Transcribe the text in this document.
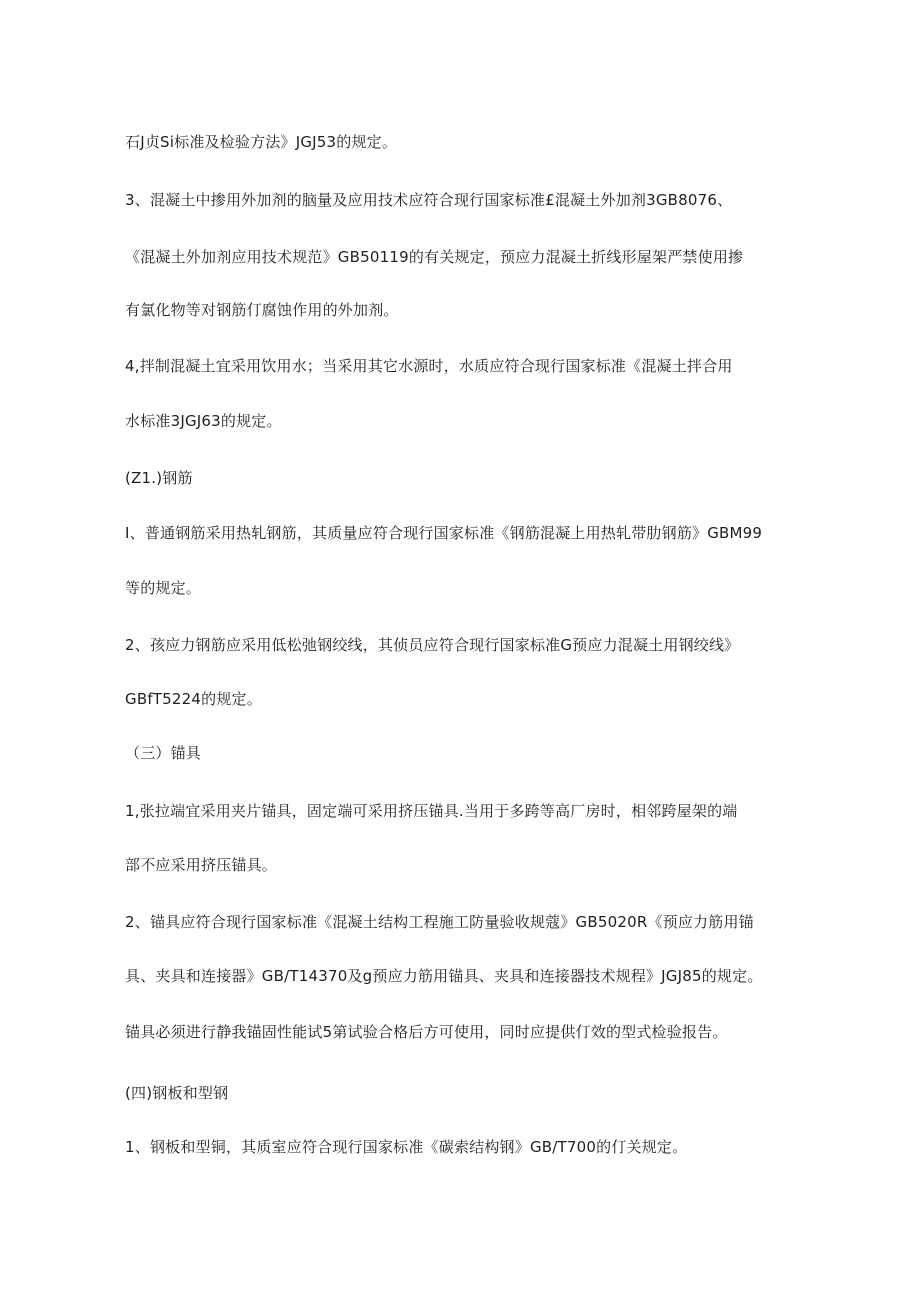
石J贞Si标准及检验方法》JGJ53的规定。
3、混凝土中掺用外加剂的脑量及应用技术应符合现行国家标准£混凝土外加剂3GB8076、
《混凝土外加剂应用技术规范》GB50119的有关规定，预应力混凝土折线形屋架严禁使用掺
有氯化物等对钢筋仃腐蚀作用的外加剂。
4,拌制混凝土宜采用饮用水；当采用其它水源时，水质应符合现行国家标准《混凝土拌合用
水标准3JGJ63的规定。
(Z1.)钢筋
I、普通钢筋采用热轧钢筋，其质量应符合现行国家标准《钢筋混凝上用热轧带肋钢筋》GBM99
等的规定。
2、孩应力钢筋应采用低松弛钢绞线，其侦员应符合现行国家标准G预应力混凝土用钢绞线》
GBfT5224的规定。
（三）锚具
1,张拉端宜采用夹片锚具，固定端可采用挤压锚具.当用于多跨等高厂房时，相邻跨屋架的端
部不应采用挤压锚具。
2、锚具应符合现行国家标准《混凝土结构工程施工防量验收规蔻》GB5020R《预应力筋用锚
具、夹具和连接器》GB/T14370及g预应力筋用锚具、夹具和连接器技术规程》JGJ85的规定。
锚具必须进行静我锚固性能试5第试验合格后方可使用，同时应提供仃效的型式检验报告。
(四)钢板和型钢
1、钢板和型铜，其质室应符合现行国家标准《碳索结构钢》GB/T700的仃关规定。
